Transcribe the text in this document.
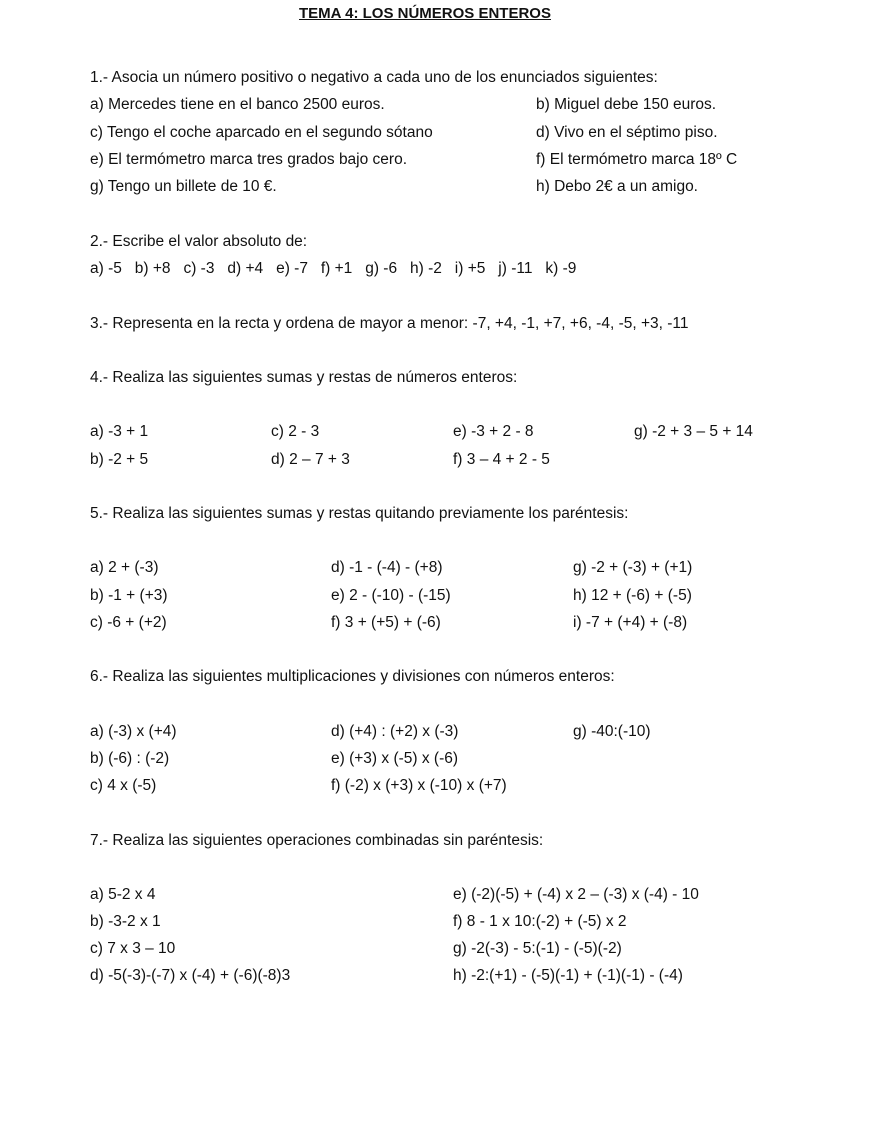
TEMA 4: LOS NÚMEROS ENTEROS
1.- Asocia un número positivo o negativo a cada uno de los enunciados siguientes:
a) Mercedes tiene en el banco 2500 euros.	b) Miguel debe 150 euros.
c) Tengo el coche aparcado en el segundo sótano	d) Vivo en el séptimo piso.
e) El termómetro marca tres grados bajo cero.	f) El termómetro marca 18º C
g) Tengo un billete de 10 €.	h) Debo 2€ a un amigo.
2.- Escribe el valor absoluto de:
a) -5   b) +8   c) -3   d) +4   e) -7   f) +1   g) -6   h) -2   i) +5   j) -11   k) -9
3.- Representa en la recta y ordena de mayor a menor: -7, +4, -1, +7, +6, -4, -5, +3, -11
4.- Realiza las siguientes sumas y restas de números enteros:
a) -3 + 1	c) 2 - 3	e) -3 + 2 - 8	g) -2 + 3 – 5 + 14
b) -2 + 5	d) 2 – 7 + 3	f) 3 – 4 + 2 - 5
5.- Realiza las siguientes sumas y restas quitando previamente los paréntesis:
a) 2 + (-3)	d) -1 - (-4) - (+8)	g) -2 + (-3) + (+1)
b) -1 + (+3)	e) 2 - (-10) - (-15)	h) 12 + (-6) + (-5)
c) -6 + (+2)	f) 3 + (+5) + (-6)	i) -7 + (+4) + (-8)
6.- Realiza las siguientes multiplicaciones y divisiones con números enteros:
a) (-3) x (+4)	d) (+4) : (+2) x (-3)	g) -40:(-10)
b) (-6) : (-2)	e) (+3) x (-5) x (-6)
c) 4 x (-5)	f) (-2) x (+3) x (-10) x (+7)
7.- Realiza las siguientes operaciones combinadas sin paréntesis:
a) 5-2 x 4	e) (-2)(-5) + (-4) x 2 – (-3) x (-4) - 10
b) -3-2 x 1	f) 8 - 1 x 10:(-2) + (-5) x 2
c) 7 x 3 – 10	g) -2(-3) - 5:(-1) - (-5)(-2)
d) -5(-3)-(-7) x (-4) + (-6)(-8)3	h) -2:(+1) - (-5)(-1) + (-1)(-1) - (-4)
